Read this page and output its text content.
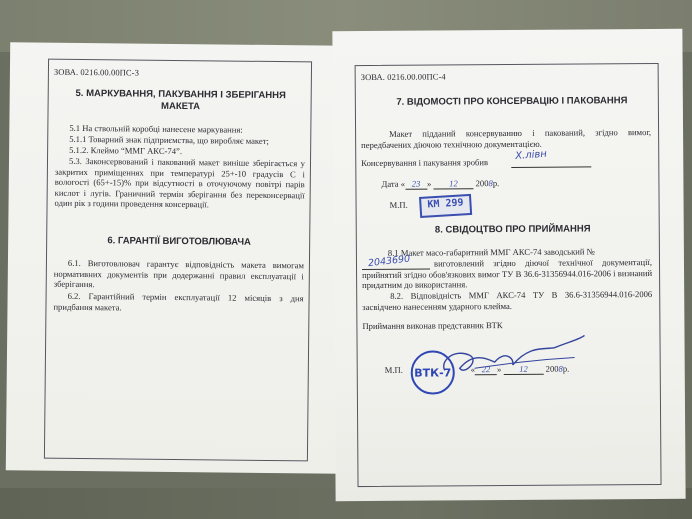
ЗОВА. 0216.00.00ПС-3
5. МАРКУВАННЯ, ПАКУВАННЯ І ЗБЕРІГАННЯ МАКЕТА
5.1 На ствольній коробці нанесене маркування:
5.1.1 Товарний знак підприємства, що виробляє макет;
5.1.2. Клеймо “МMГ АКС-74”.
5.3. Законсервований і пакований макет виніше зберігається у закритих приміщеннях при температурі 25+-10 градусів С і вологості (65+-15)% при відсутності в оточуючому повітрі парів кислот і лугів. Граничний термін зберігання без переконсервації один рік з години проведення консервації.
6. ГАРАНТІЇ ВИГОТОВЛЮВАЧА
6.1. Виготовлювач гарантує відповідність макета вимогам нормативних документів при додержанні правил експлуатації і зберігання.
6.2. Гарантійний термін експлуатації 12 місяців з дня придбання макета.
ЗОВА. 0216.00.00ПС-4
7. ВІДОМОСТІ ПРО КОНСЕРВАЦІЮ І ПАКОВАННЯ
Макет підданий консервуванню і пакований, згідно вимог, передбачених діючою технічною документацією.
Консервування і пакування зробив
Х.лівн
Дата « 23 » 12 2008р.
М.П.	КМ 299
8. СВІДОЦТВО ПРО ПРИЙМАННЯ
8.1 Макет масо-габаритний ММГ АКС-74 заводський №
2043690	виготовлений згідно діючої технічної документації, прийнятий згідно обов'язкових вимог ТУ В 36.6-31356944.016-2006 і визнаний придатним до використання.
8.2. Відповідність ММГ АКС-74 ТУ В 36.6-31356944.016-2006 засвідчено нанесенням ударного клейма.
Приймання виконав представник ВТК
М.П.	ВТК-7	« 22 » 12 2008р.
